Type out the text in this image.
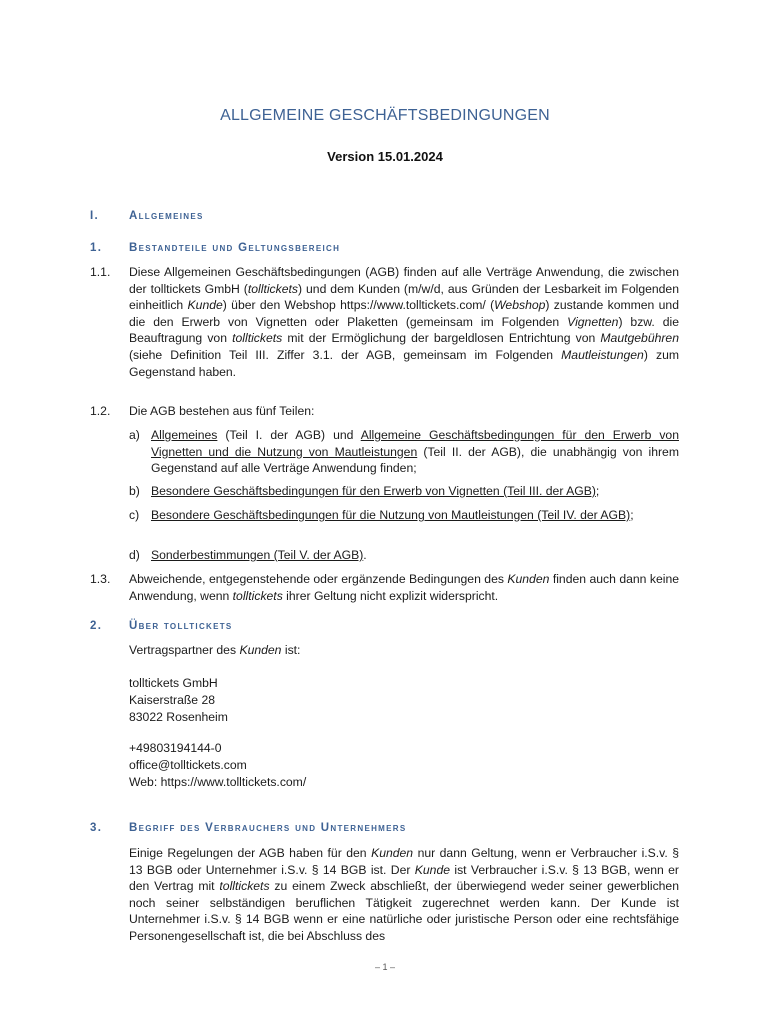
ALLGEMEINE GESCHÄFTSBEDINGUNGEN
Version 15.01.2024
I.	Allgemeines
1. Bestandteile und Geltungsbereich
1.1. Diese Allgemeinen Geschäftsbedingungen (AGB) finden auf alle Verträge Anwendung, die zwischen der tolltickets GmbH (tolltickets) und dem Kunden (m/w/d, aus Gründen der Lesbarkeit im Folgenden einheitlich Kunde) über den Webshop https://www.tolltickets.com/ (Webshop) zustande kommen und die den Erwerb von Vignetten oder Plaketten (gemeinsam im Folgenden Vignetten) bzw. die Beauftragung von tolltickets mit der Ermöglichung der bargeldlosen Entrichtung von Mautgebühren (siehe Definition Teil III. Ziffer 3.1. der AGB, gemeinsam im Folgenden Mautleistungen) zum Gegenstand haben.
1.2. Die AGB bestehen aus fünf Teilen:
a) Allgemeines (Teil I. der AGB) und Allgemeine Geschäftsbedingungen für den Erwerb von Vignetten und die Nutzung von Mautleistungen (Teil II. der AGB), die unabhängig von ihrem Gegenstand auf alle Verträge Anwendung finden;
b) Besondere Geschäftsbedingungen für den Erwerb von Vignetten (Teil III. der AGB);
c) Besondere Geschäftsbedingungen für die Nutzung von Mautleistungen (Teil IV. der AGB);
d) Sonderbestimmungen (Teil V. der AGB).
1.3. Abweichende, entgegenstehende oder ergänzende Bedingungen des Kunden finden auch dann keine Anwendung, wenn tolltickets ihrer Geltung nicht explizit widerspricht.
2. Über tolltickets
Vertragspartner des Kunden ist:
tolltickets GmbH
Kaiserstraße 28
83022 Rosenheim
+49803194144-0
office@tolltickets.com
Web: https://www.tolltickets.com/
3. Begriff des Verbrauchers und Unternehmers
Einige Regelungen der AGB haben für den Kunden nur dann Geltung, wenn er Verbraucher i.S.v. § 13 BGB oder Unternehmer i.S.v. § 14 BGB ist. Der Kunde ist Verbraucher i.S.v. § 13 BGB, wenn er den Vertrag mit tolltickets zu einem Zweck abschließt, der überwiegend weder seiner gewerblichen noch seiner selbständigen beruflichen Tätigkeit zugerechnet werden kann. Der Kunde ist Unternehmer i.S.v. § 14 BGB wenn er eine natürliche oder juristische Person oder eine rechtsfähige Personengesellschaft ist, die bei Abschluss des
– 1 –
